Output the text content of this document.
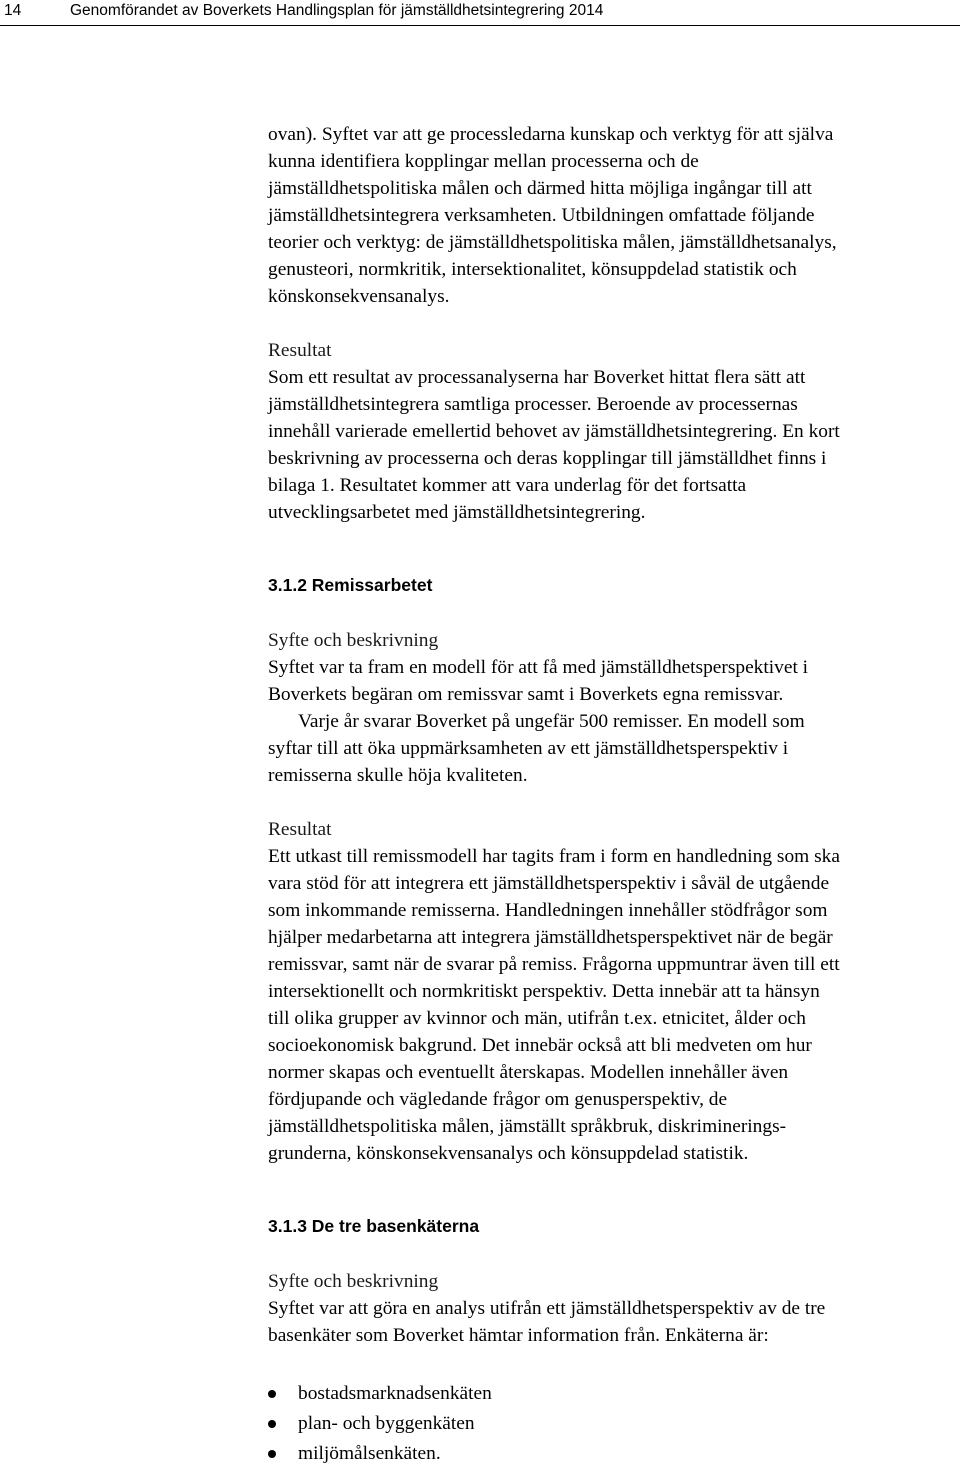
14	Genomförandet av Boverkets Handlingsplan för jämställdhetsintegrering 2014

ovan). Syftet var att ge processledarna kunskap och verktyg för att själva
kunna identifiera kopplingar mellan processerna och de
jämställdhetspolitiska målen och därmed hitta möjliga ingångar till att
jämställdhetsintegrera verksamheten. Utbildningen omfattade följande
teorier och verktyg: de jämställdhetspolitiska målen, jämställdhetsanalys,
genusteori, normkritik, intersektionalitet, könsuppdelad statistik och
könskonsekvensanalys.

Resultat

Som ett resultat av processanalyserna har Boverket hittat flera sätt att
jämställdhetsintegrera samtliga processer. Beroende av processernas
innehåll varierade emellertid behovet av jämställdhetsintegrering. En kort
beskrivning av processerna och deras kopplingar till jämställdhet finns i
bilaga 1. Resultatet kommer att vara underlag för det fortsatta
utvecklingsarbetet med jämställdhetsintegrering.

3.1.2 Remissarbetet

Syfte och beskrivning

Syftet var ta fram en modell för att få med jämställdhetsperspektivet i
Boverkets begäran om remissvar samt i Boverkets egna remissvar.
Varje år svarar Boverket på ungefär 500 remisser. En modell som
syftar till att öka uppmärksamheten av ett jämställdhetsperspektiv i
remisserna skulle höja kvaliteten.

Resultat

Ett utkast till remissmodell har tagits fram i form en handledning som ska
vara stöd för att integrera ett jämställdhetsperspektiv i såväl de utgående
som inkommande remisserna. Handledningen innehåller stödfrågor som
hjälper medarbetarna att integrera jämställdhetsperspektivet när de begär
remissvar, samt när de svarar på remiss. Frågorna uppmuntrar även till ett
intersektionellt och normkritiskt perspektiv. Detta innebär att ta hänsyn
till olika grupper av kvinnor och män, utifrån t.ex. etnicitet, ålder och
socioekonomisk bakgrund. Det innebär också att bli medveten om hur
normer skapas och eventuellt återskapas. Modellen innehåller även
fördjupande och vägledande frågor om genusperspektiv, de
jämställdhetspolitiska målen, jämställt språkbruk, diskriminerings-
grunderna, könskonsekvensanalys och könsuppdelad statistik.

3.1.3 De tre basenkäterna

Syfte och beskrivning

Syftet var att göra en analys utifrån ett jämställdhetsperspektiv av de tre
basenkäter som Boverket hämtar information från. Enkäterna är:

bostadsmarknadsenkäten
plan- och byggenkäten
miljömålsenkäten.
